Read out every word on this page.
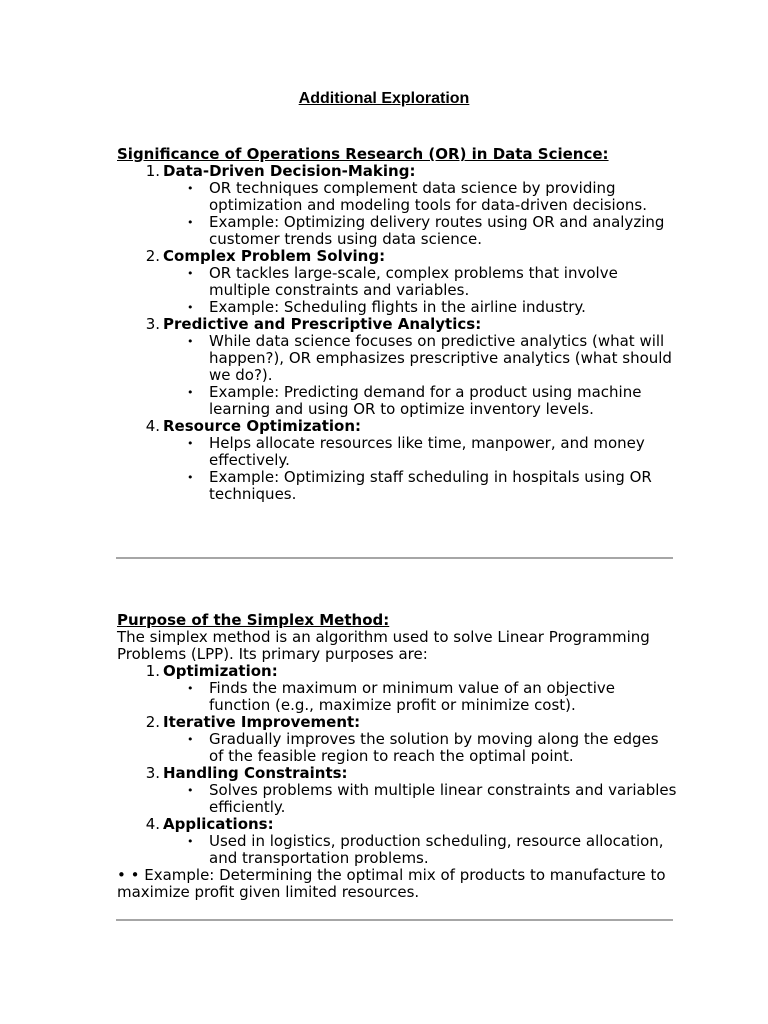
Additional Exploration
Significance of Operations Research (OR) in Data Science:
1. Data-Driven Decision-Making:
• OR techniques complement data science by providing optimization and modeling tools for data-driven decisions.
• Example: Optimizing delivery routes using OR and analyzing customer trends using data science.
2. Complex Problem Solving:
• OR tackles large-scale, complex problems that involve multiple constraints and variables.
• Example: Scheduling flights in the airline industry.
3. Predictive and Prescriptive Analytics:
• While data science focuses on predictive analytics (what will happen?), OR emphasizes prescriptive analytics (what should we do?).
• Example: Predicting demand for a product using machine learning and using OR to optimize inventory levels.
4. Resource Optimization:
• Helps allocate resources like time, manpower, and money effectively.
• Example: Optimizing staff scheduling in hospitals using OR techniques.
Purpose of the Simplex Method:
The simplex method is an algorithm used to solve Linear Programming Problems (LPP). Its primary purposes are:
1. Optimization:
• Finds the maximum or minimum value of an objective function (e.g., maximize profit or minimize cost).
2. Iterative Improvement:
• Gradually improves the solution by moving along the edges of the feasible region to reach the optimal point.
3. Handling Constraints:
• Solves problems with multiple linear constraints and variables efficiently.
4. Applications:
• Used in logistics, production scheduling, resource allocation, and transportation problems.
• • Example: Determining the optimal mix of products to manufacture to maximize profit given limited resources.
